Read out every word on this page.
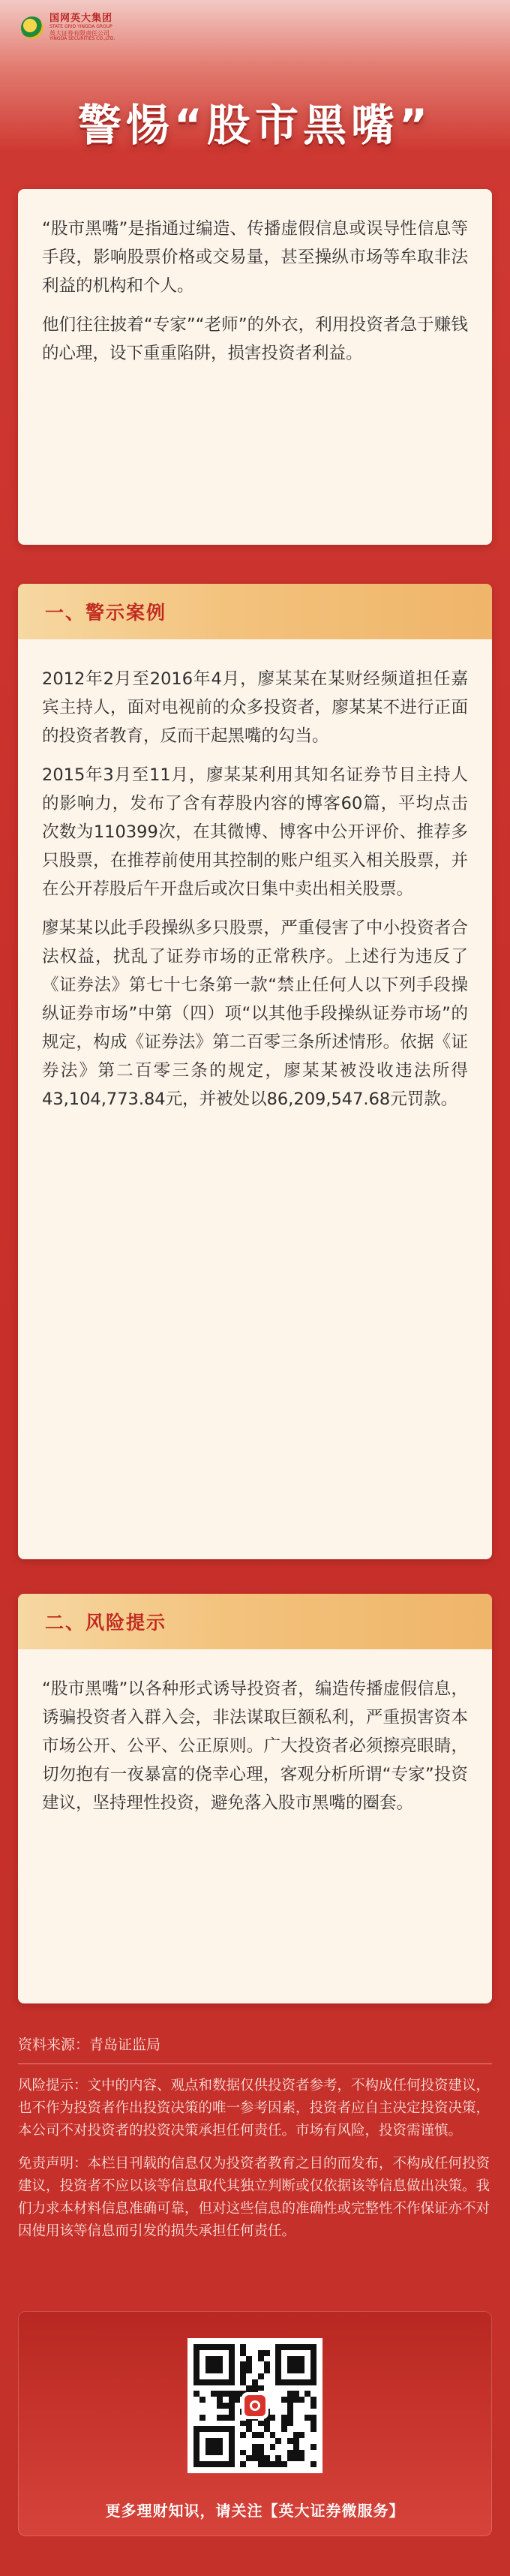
国网英大集团
STATE GRID YINGDA GROUP
英大证券有限责任公司
YINGDA SECURITIES CO.,LTD.
警惕“股市黑嘴”

“股市黑嘴”是指通过编造、传播虚假信息或误导性信息等手段，影响股票价格或交易量，甚至操纵市场等牟取非法利益的机构和个人。

他们往往披着“专家”“老师”的外衣，利用投资者急于赚钱的心理，设下重重陷阱，损害投资者利益。

一、警示案例

2012年2月至2016年4月，廖某某在某财经频道担任嘉宾主持人，面对电视前的众多投资者，廖某某不进行正面的投资者教育，反而干起黑嘴的勾当。

2015年3月至11月，廖某某利用其知名证券节目主持人的影响力，发布了含有荐股内容的博客60篇，平均点击次数为110399次，在其微博、博客中公开评价、推荐多只股票，在推荐前使用其控制的账户组买入相关股票，并在公开荐股后午开盘后或次日集中卖出相关股票。

廖某某以此手段操纵多只股票，严重侵害了中小投资者合法权益，扰乱了证券市场的正常秩序。上述行为违反了《证券法》第七十七条第一款“禁止任何人以下列手段操纵证券市场”中第（四）项“以其他手段操纵证券市场”的规定，构成《证券法》第二百零三条所述情形。依据《证券法》第二百零三条的规定，廖某某被没收违法所得43,104,773.84元，并被处以86,209,547.68元罚款。

二、风险提示

“股市黑嘴”以各种形式诱导投资者，编造传播虚假信息，诱骗投资者入群入会，非法谋取巨额私利，严重损害资本市场公开、公平、公正原则。广大投资者必须擦亮眼睛，切勿抱有一夜暴富的侥幸心理，客观分析所谓“专家”投资建议，坚持理性投资，避免落入股市黑嘴的圈套。

资料来源：青岛证监局

风险提示：文中的内容、观点和数据仅供投资者参考，不构成任何投资建议，也不作为投资者作出投资决策的唯一参考因素，投资者应自主决定投资决策，本公司不对投资者的投资决策承担任何责任。市场有风险，投资需谨慎。

免责声明：本栏目刊载的信息仅为投资者教育之目的而发布，不构成任何投资建议，投资者不应以该等信息取代其独立判断或仅依据该等信息做出决策。我们力求本材料信息准确可靠，但对这些信息的准确性或完整性不作保证亦不对因使用该等信息而引发的损失承担任何责任。

更多理财知识，请关注【英大证券微服务】
